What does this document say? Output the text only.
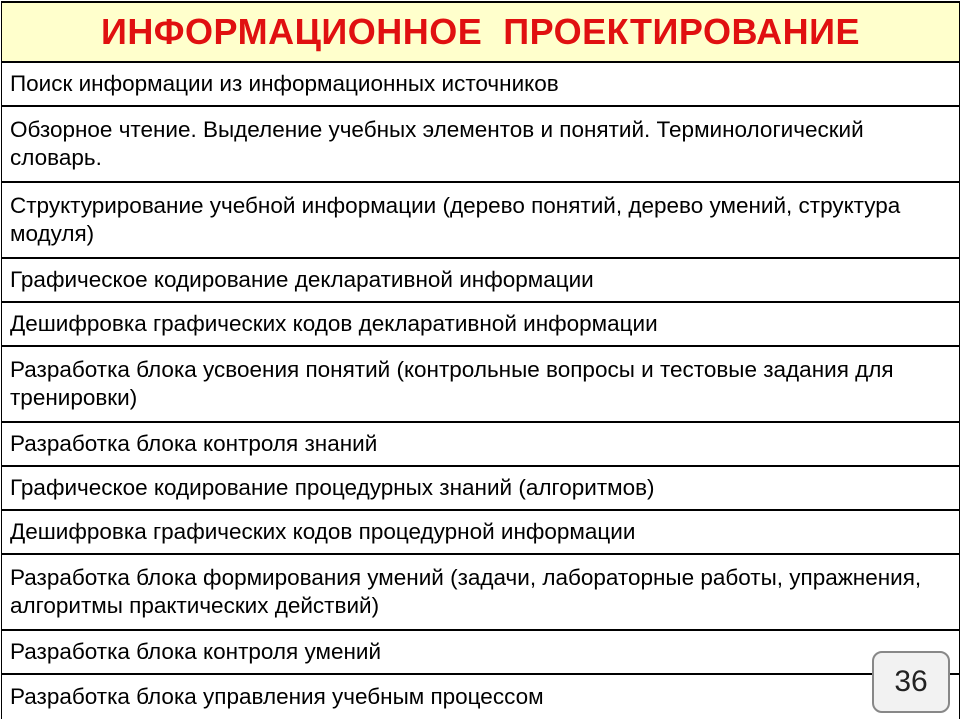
ИНФОРМАЦИОННОЕ  ПРОЕКТИРОВАНИЕ
Поиск информации из информационных источников
Обзорное чтение. Выделение учебных элементов и понятий. Терминологический словарь.
Структурирование учебной информации (дерево понятий, дерево умений, структура модуля)
Графическое кодирование декларативной информации
Дешифровка графических кодов декларативной информации
Разработка блока усвоения понятий (контрольные вопросы и тестовые задания для тренировки)
Разработка блока контроля знаний
Графическое кодирование процедурных знаний (алгоритмов)
Дешифровка графических кодов процедурной информации
Разработка блока формирования умений (задачи, лабораторные работы, упражнения, алгоритмы практических действий)
Разработка блока контроля умений
Разработка блока управления учебным процессом	36
